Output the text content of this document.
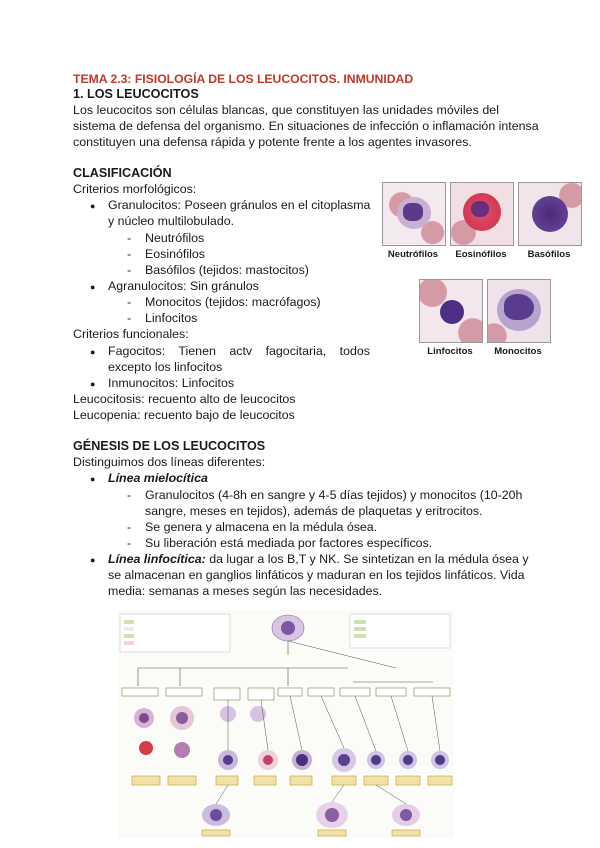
TEMA 2.3: FISIOLOGÍA DE LOS LEUCOCITOS. INMUNIDAD
1. LOS LEUCOCITOS
Los leucocitos son células blancas, que constituyen las unidades móviles del
sistema de defensa del organismo. En situaciones de infección o inflamación intensa
constituyen una defensa rápida y potente frente a los agentes invasores.
CLASIFICACIÓN
Criterios morfológicos:
● Granulocitos: Poseen gránulos en el citoplasma
y núcleo multilobulado.
- Neutrófilos
- Eosinófilos
- Basófilos (tejidos: mastocitos)
● Agranulocitos: Sin gránulos
- Monocitos (tejidos: macrófagos)
- Linfocitos
Criterios funcionales:
● Fagocitos: Tienen actv fagocitaria, todos
excepto los linfocitos
● Inmunocitos: Linfocitos
Leucocitosis: recuento alto de leucocitos
Leucopenia: recuento bajo de leucocitos
Neutrófilos	Eosinófilos	Basófilos
Linfocitos	Monocitos
GÉNESIS DE LOS LEUCOCITOS
Distinguimos dos líneas diferentes:
● Línea mielocítica
- Granulocitos (4-8h en sangre y 4-5 días tejidos) y monocitos (10-20h
sangre, meses en tejidos), además de plaquetas y eritrocitos.
- Se genera y almacena en la médula ósea.
- Su liberación está mediada por factores específicos.
● Línea linfocítica: da lugar a los B,T y NK. Se sintetizan en la médula ósea y
se almacenan en ganglios linfáticos y maduran en los tejidos linfáticos. Vida
media: semanas a meses según las necesidades.
